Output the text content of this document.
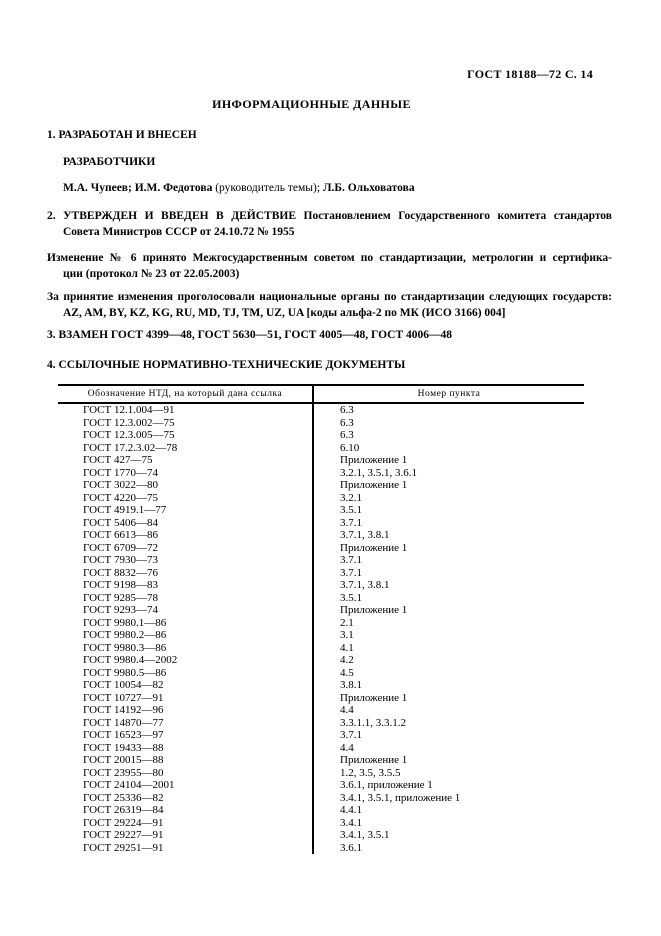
ГОСТ 18188—72 С. 14
ИНФОРМАЦИОННЫЕ ДАННЫЕ
1. РАЗРАБОТАН И ВНЕСЕН
РАЗРАБОТЧИКИ
М.А. Чупеев; И.М. Федотова (руководитель темы); Л.Б. Ольховатова
2. УТВЕРЖДЕН И ВВЕДЕН В ДЕЙСТВИЕ Постановлением Государственного комитета стандартов
Совета Министров СССР от 24.10.72 № 1955
Изменение № 6 принято Межгосударственным советом по стандартизации, метрологии и сертифика-
ции (протокол № 23 от 22.05.2003)
За принятие изменения проголосовали национальные органы по стандартизации следующих государств:
AZ, AM, BY, KZ, KG, RU, MD, TJ, TM, UZ, UA [коды альфа-2 по МК (ИСО 3166) 004]
3. ВЗАМЕН ГОСТ 4399—48, ГОСТ 5630—51, ГОСТ 4005—48, ГОСТ 4006—48
4. ССЫЛОЧНЫЕ НОРМАТИВНО-ТЕХНИЧЕСКИЕ ДОКУМЕНТЫ
Обозначение НТД, на который дана ссылка	Номер пункта
ГОСТ 12.1.004—91	6.3
ГОСТ 12.3.002—75	6.3
ГОСТ 12.3.005—75	6.3
ГОСТ 17.2.3.02—78	6.10
ГОСТ 427—75	Приложение 1
ГОСТ 1770—74	3.2.1, 3.5.1, 3.6.1
ГОСТ 3022—80	Приложение 1
ГОСТ 4220—75	3.2.1
ГОСТ 4919.1—77	3.5.1
ГОСТ 5406—84	3.7.1
ГОСТ 6613—86	3.7.1, 3.8.1
ГОСТ 6709—72	Приложение 1
ГОСТ 7930—73	3.7.1
ГОСТ 8832—76	3.7.1
ГОСТ 9198—83	3.7.1, 3.8.1
ГОСТ 9285—78	3.5.1
ГОСТ 9293—74	Приложение 1
ГОСТ 9980.1—86	2.1
ГОСТ 9980.2—86	3.1
ГОСТ 9980.3—86	4.1
ГОСТ 9980.4—2002	4.2
ГОСТ 9980.5—86	4.5
ГОСТ 10054—82	3.8.1
ГОСТ 10727—91	Приложение 1
ГОСТ 14192—96	4.4
ГОСТ 14870—77	3.3.1.1, 3.3.1.2
ГОСТ 16523—97	3.7.1
ГОСТ 19433—88	4.4
ГОСТ 20015—88	Приложение 1
ГОСТ 23955—80	1.2, 3.5, 3.5.5
ГОСТ 24104—2001	3.6.1, приложение 1
ГОСТ 25336—82	3.4.1, 3.5.1, приложение 1
ГОСТ 26319—84	4.4.1
ГОСТ 29224—91	3.4.1
ГОСТ 29227—91	3.4.1, 3.5.1
ГОСТ 29251—91	3.6.1
